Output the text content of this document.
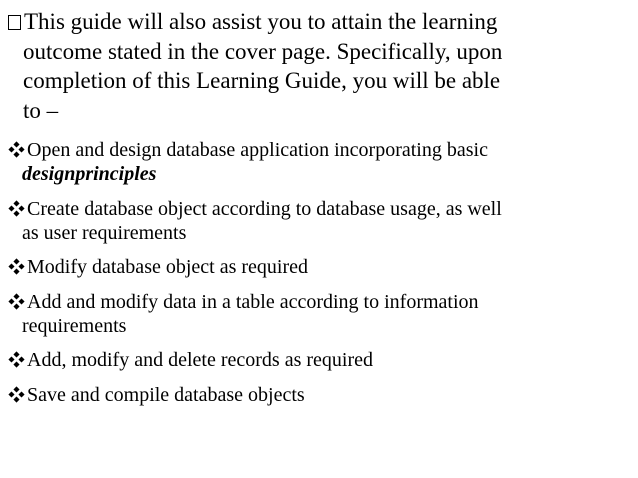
This guide will also assist you to attain the learning
outcome stated in the cover page. Specifically, upon
completion of this Learning Guide, you will be able
to –
Open and design database application incorporating basic
designprinciples
Create database object according to database usage, as well
as user requirements
Modify database object as required
Add and modify data in a table according to information
requirements
Add, modify and delete records as required
Save and compile database objects
